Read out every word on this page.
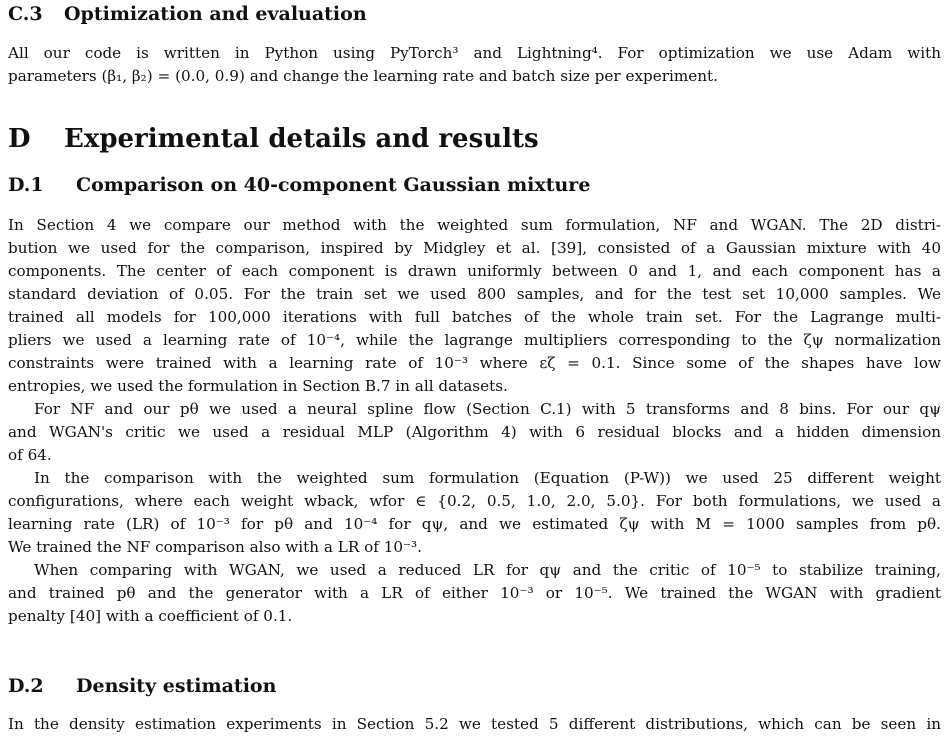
C.3 Optimization and evaluation
All our code is written in Python using PyTorch³ and Lightning⁴. For optimization we use Adam with
parameters (β₁, β₂) = (0.0, 0.9) and change the learning rate and batch size per experiment.
D Experimental details and results
D.1 Comparison on 40-component Gaussian mixture
In Section 4 we compare our method with the weighted sum formulation, NF and WGAN. The 2D distri-
bution we used for the comparison, inspired by Midgley et al. [39], consisted of a Gaussian mixture with 40
components. The center of each component is drawn uniformly between 0 and 1, and each component has a
standard deviation of 0.05. For the train set we used 800 samples, and for the test set 10,000 samples. We
trained all models for 100,000 iterations with full batches of the whole train set. For the Lagrange multi-
pliers we used a learning rate of 10⁻⁴, while the lagrange multipliers corresponding to the ζψ normalization
constraints were trained with a learning rate of 10⁻³ where εζ = 0.1. Since some of the shapes have low
entropies, we used the formulation in Section B.7 in all datasets.
For NF and our pθ we used a neural spline flow (Section C.1) with 5 transforms and 8 bins. For our qψ
and WGAN's critic we used a residual MLP (Algorithm 4) with 6 residual blocks and a hidden dimension
of 64.
In the comparison with the weighted sum formulation (Equation (P-W)) we used 25 different weight
configurations, where each weight wback, wfor ∈ {0.2, 0.5, 1.0, 2.0, 5.0}. For both formulations, we used a
learning rate (LR) of 10⁻³ for pθ and 10⁻⁴ for qψ, and we estimated ζψ with M = 1000 samples from pθ.
We trained the NF comparison also with a LR of 10⁻³.
When comparing with WGAN, we used a reduced LR for qψ and the critic of 10⁻⁵ to stabilize training,
and trained pθ and the generator with a LR of either 10⁻³ or 10⁻⁵. We trained the WGAN with gradient
penalty [40] with a coefficient of 0.1.
D.2 Density estimation
In the density estimation experiments in Section 5.2 we tested 5 different distributions, which can be seen in
